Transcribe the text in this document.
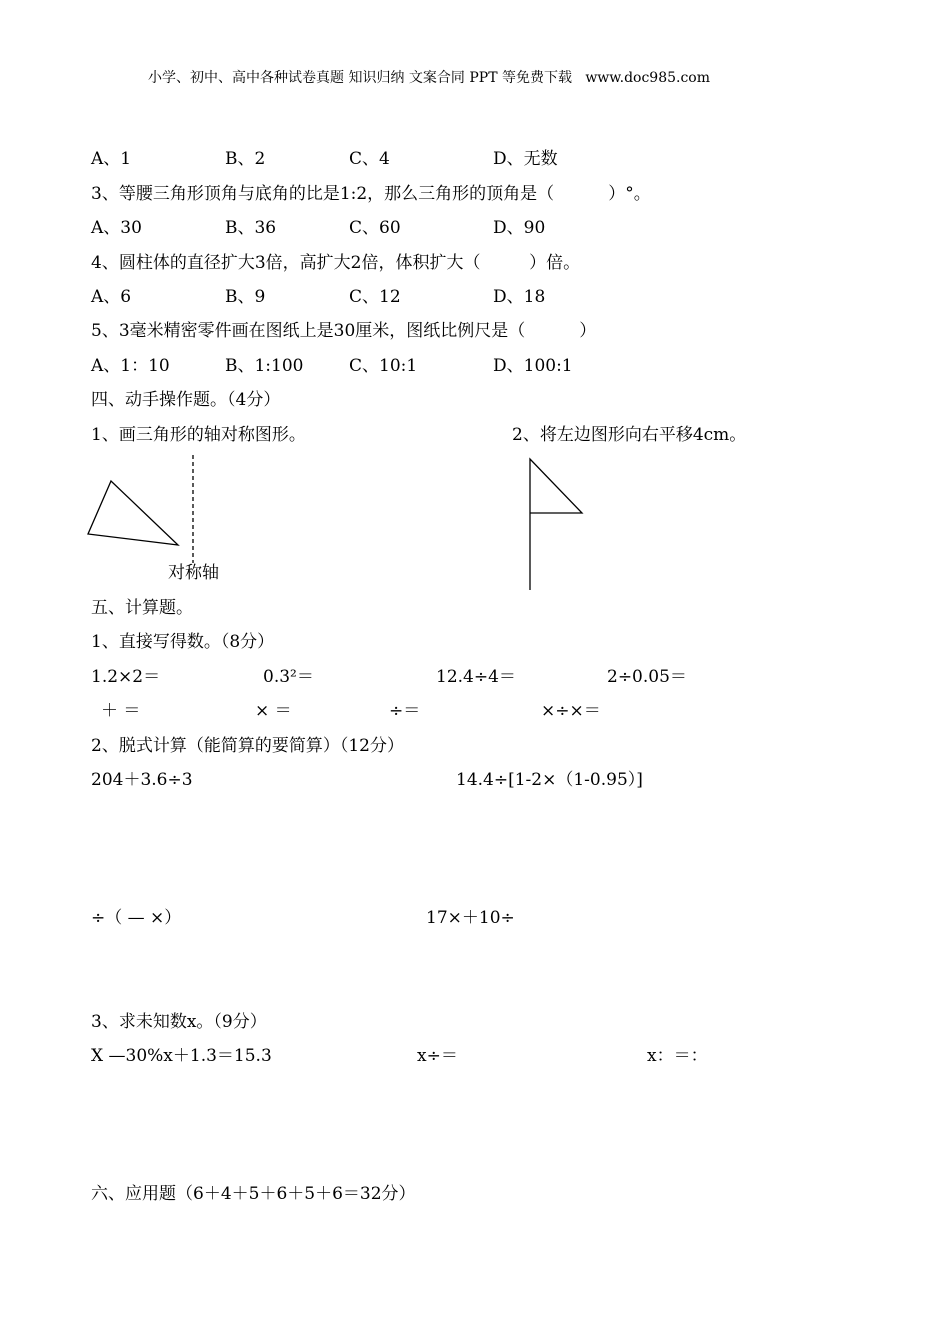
小学、初中、高中各种试卷真题 知识归纳 文案合同 PPT 等免费下载   www.doc985.com
A、1	B、2	C、4	D、无数
3、等腰三角形顶角与底角的比是1:2，那么三角形的顶角是（          ）°。
A、30	B、36	C、60	D、90
4、圆柱体的直径扩大3倍，高扩大2倍，体积扩大（         ）倍。
A、6	B、9	C、12	D、18
5、3毫米精密零件画在图纸上是30厘米，图纸比例尺是（          ）
A、1：10	B、1:100	C、10:1	D、100:1
四、动手操作题。（4分）
1、画三角形的轴对称图形。	2、将左边图形向右平移4cm。
对称轴
五、计算题。
1、直接写得数。（8分）
1.2×2＝	0.3²＝	12.4÷4＝	2÷0.05＝
＋ ＝	× ＝	÷＝	×÷×＝
2、脱式计算（能简算的要简算）（12分）
204＋3.6÷3	14.4÷[1-2×（1-0.95）]
÷（ — ×）	17×＋10÷
3、求未知数x。（9分）
X —30%x＋1.3＝15.3	x÷＝	x：＝：
六、应用题（6＋4＋5＋6＋5＋6＝32分）
